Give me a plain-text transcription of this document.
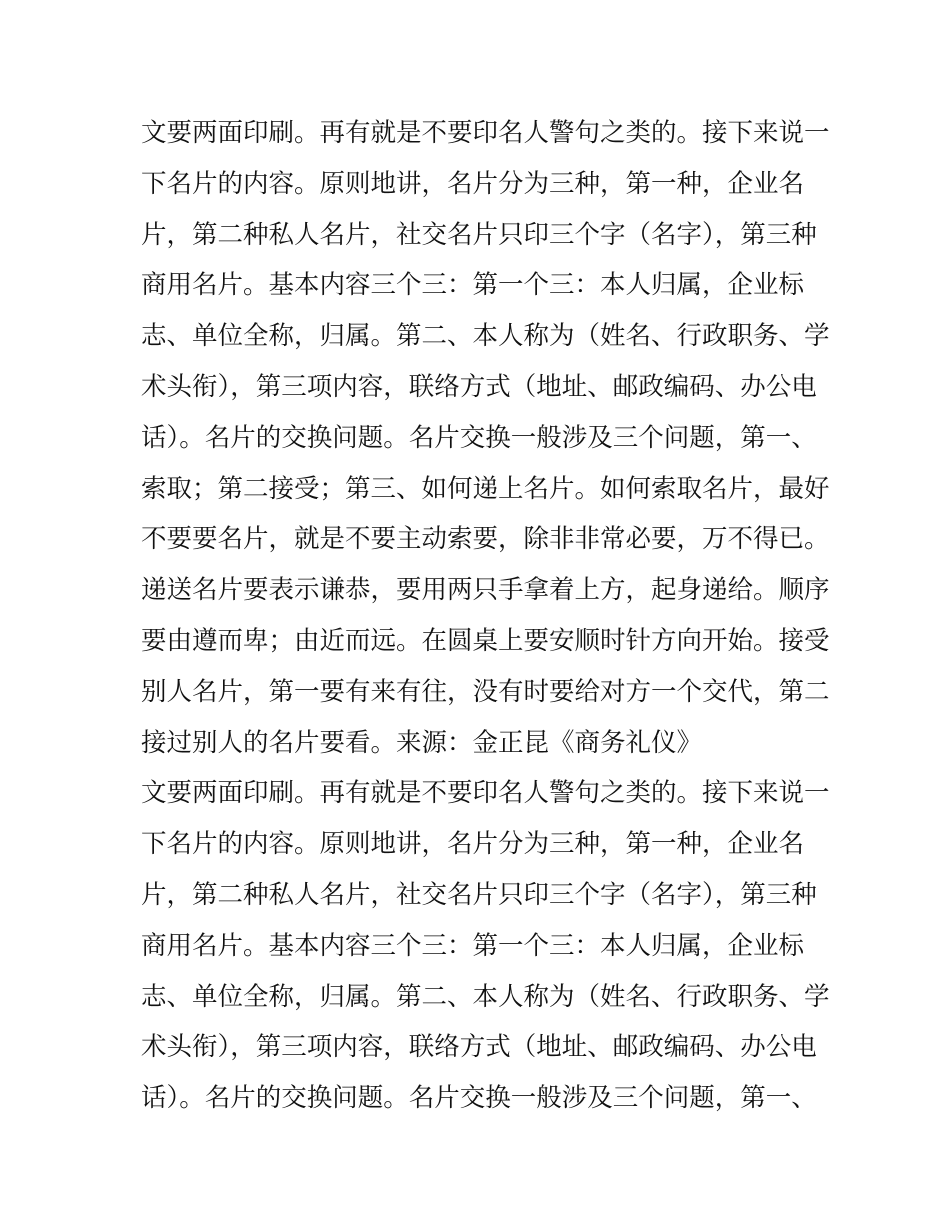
文要两面印刷。再有就是不要印名人警句之类的。接下来说一
下名片的内容。原则地讲，名片分为三种，第一种，企业名
片，第二种私人名片，社交名片只印三个字（名字），第三种
商用名片。基本内容三个三：第一个三：本人归属，企业标
志、单位全称，归属。第二、本人称为（姓名、行政职务、学
术头衔），第三项内容，联络方式（地址、邮政编码、办公电
话）。名片的交换问题。名片交换一般涉及三个问题，第一、
索取；第二接受；第三、如何递上名片。如何索取名片，最好
不要要名片，就是不要主动索要，除非非常必要，万不得已。
递送名片要表示谦恭，要用两只手拿着上方，起身递给。顺序
要由遵而卑；由近而远。在圆桌上要安顺时针方向开始。接受
别人名片，第一要有来有往，没有时要给对方一个交代，第二
接过别人的名片要看。来源：金正昆《商务礼仪》
文要两面印刷。再有就是不要印名人警句之类的。接下来说一
下名片的内容。原则地讲，名片分为三种，第一种，企业名
片，第二种私人名片，社交名片只印三个字（名字），第三种
商用名片。基本内容三个三：第一个三：本人归属，企业标
志、单位全称，归属。第二、本人称为（姓名、行政职务、学
术头衔），第三项内容，联络方式（地址、邮政编码、办公电
话）。名片的交换问题。名片交换一般涉及三个问题，第一、
